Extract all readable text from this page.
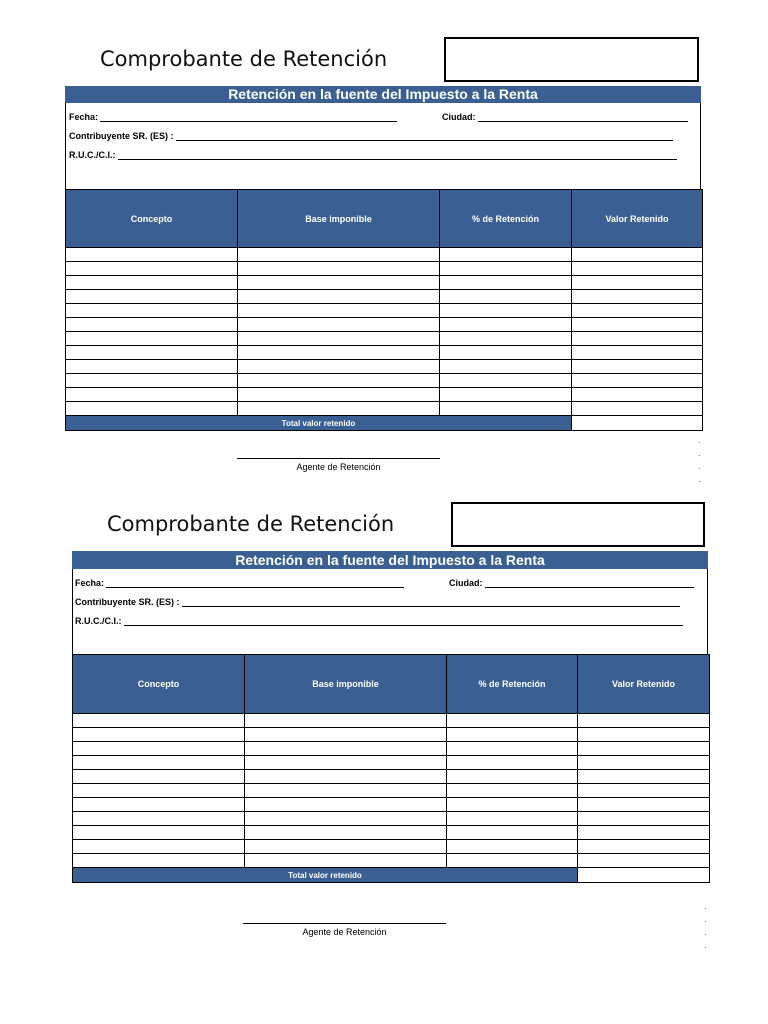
Comprobante de Retención
Retención en la fuente del Impuesto a la Renta
Fecha:	Ciudad:
Contribuyente SR. (ES) :
R.U.C./C.I.:
Concepto	Base imponible	% de Retención	Valor Retenido

Total valor retenido			
Agente de Retención
Comprobante de Retención
Retención en la fuente del Impuesto a la Renta
Fecha:	Ciudad:
Contribuyente SR. (ES) :
R.U.C./C.I.:
Concepto	Base imponible	% de Retención	Valor Retenido

Total valor retenido			
Agente de Retención
·
·
·
·
·
·
·
·
